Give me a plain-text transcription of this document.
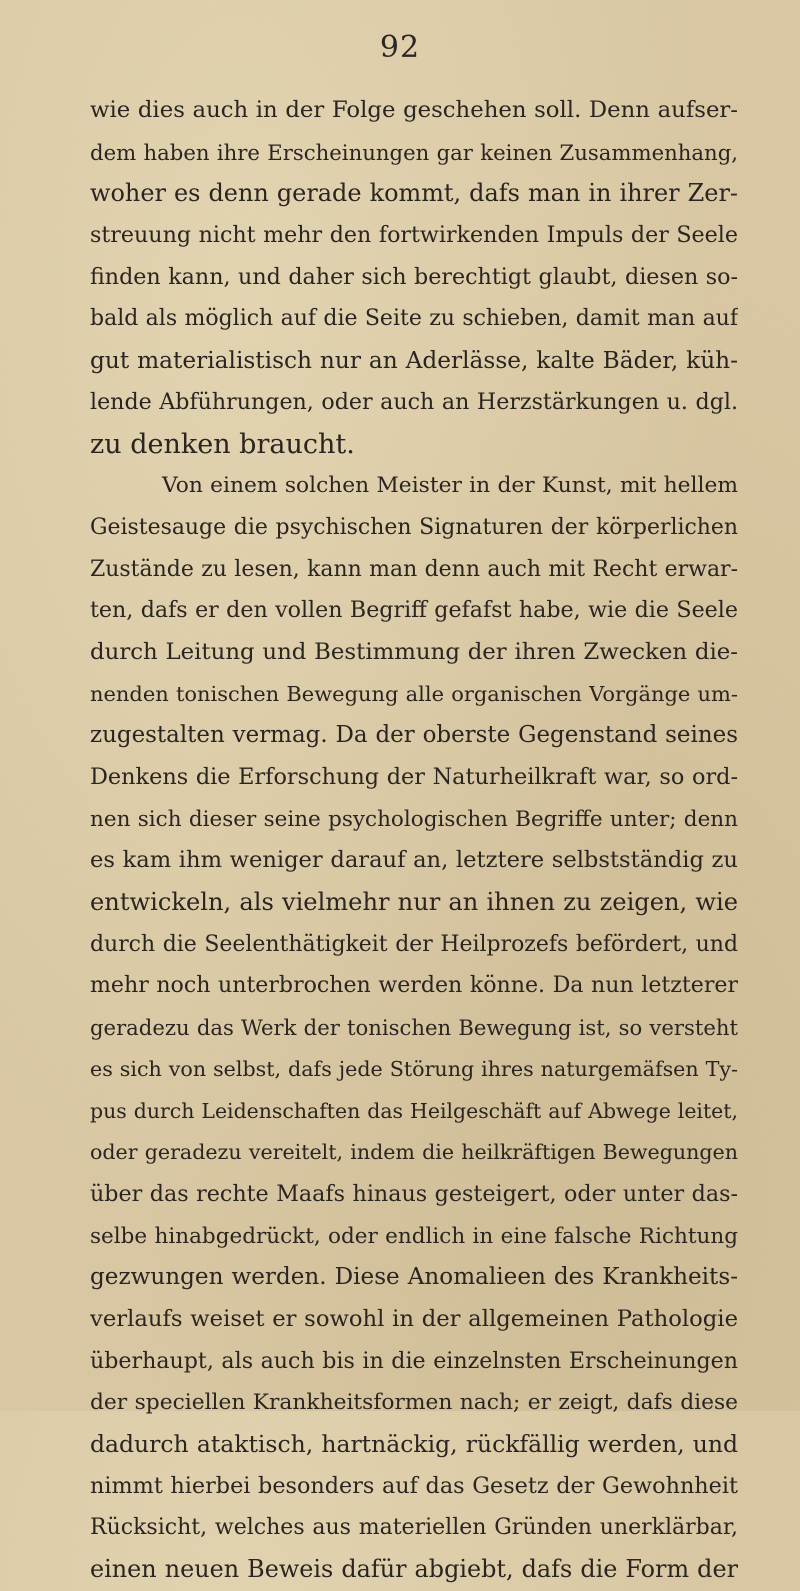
92
wie dies auch in der Folge geschehen soll. Denn aufser-
dem haben ihre Erscheinungen gar keinen Zusammenhang,
woher es denn gerade kommt, dafs man in ihrer Zer-
streuung nicht mehr den fortwirkenden Impuls der Seele
finden kann, und daher sich berechtigt glaubt, diesen so-
bald als möglich auf die Seite zu schieben, damit man auf
gut materialistisch nur an Aderlässe, kalte Bäder, küh-
lende Abführungen, oder auch an Herzstärkungen u. dgl.
zu denken braucht.
Von einem solchen Meister in der Kunst, mit hellem
Geistesauge die psychischen Signaturen der körperlichen
Zustände zu lesen, kann man denn auch mit Recht erwar-
ten, dafs er den vollen Begriff gefafst habe, wie die Seele
durch Leitung und Bestimmung der ihren Zwecken die-
nenden tonischen Bewegung alle organischen Vorgänge um-
zugestalten vermag. Da der oberste Gegenstand seines
Denkens die Erforschung der Naturheilkraft war, so ord-
nen sich dieser seine psychologischen Begriffe unter; denn
es kam ihm weniger darauf an, letztere selbstständig zu
entwickeln, als vielmehr nur an ihnen zu zeigen, wie
durch die Seelenthätigkeit der Heilprozefs befördert, und
mehr noch unterbrochen werden könne. Da nun letzterer
geradezu das Werk der tonischen Bewegung ist, so versteht
es sich von selbst, dafs jede Störung ihres naturgemäfsen Ty-
pus durch Leidenschaften das Heilgeschäft auf Abwege leitet,
oder geradezu vereitelt, indem die heilkräftigen Bewegungen
über das rechte Maafs hinaus gesteigert, oder unter das-
selbe hinabgedrückt, oder endlich in eine falsche Richtung
gezwungen werden. Diese Anomalieen des Krankheits-
verlaufs weiset er sowohl in der allgemeinen Pathologie
überhaupt, als auch bis in die einzelnsten Erscheinungen
der speciellen Krankheitsformen nach; er zeigt, dafs diese
dadurch ataktisch, hartnäckig, rückfällig werden, und
nimmt hierbei besonders auf das Gesetz der Gewohnheit
Rücksicht, welches aus materiellen Gründen unerklärbar,
einen neuen Beweis dafür abgiebt, dafs die Form der
